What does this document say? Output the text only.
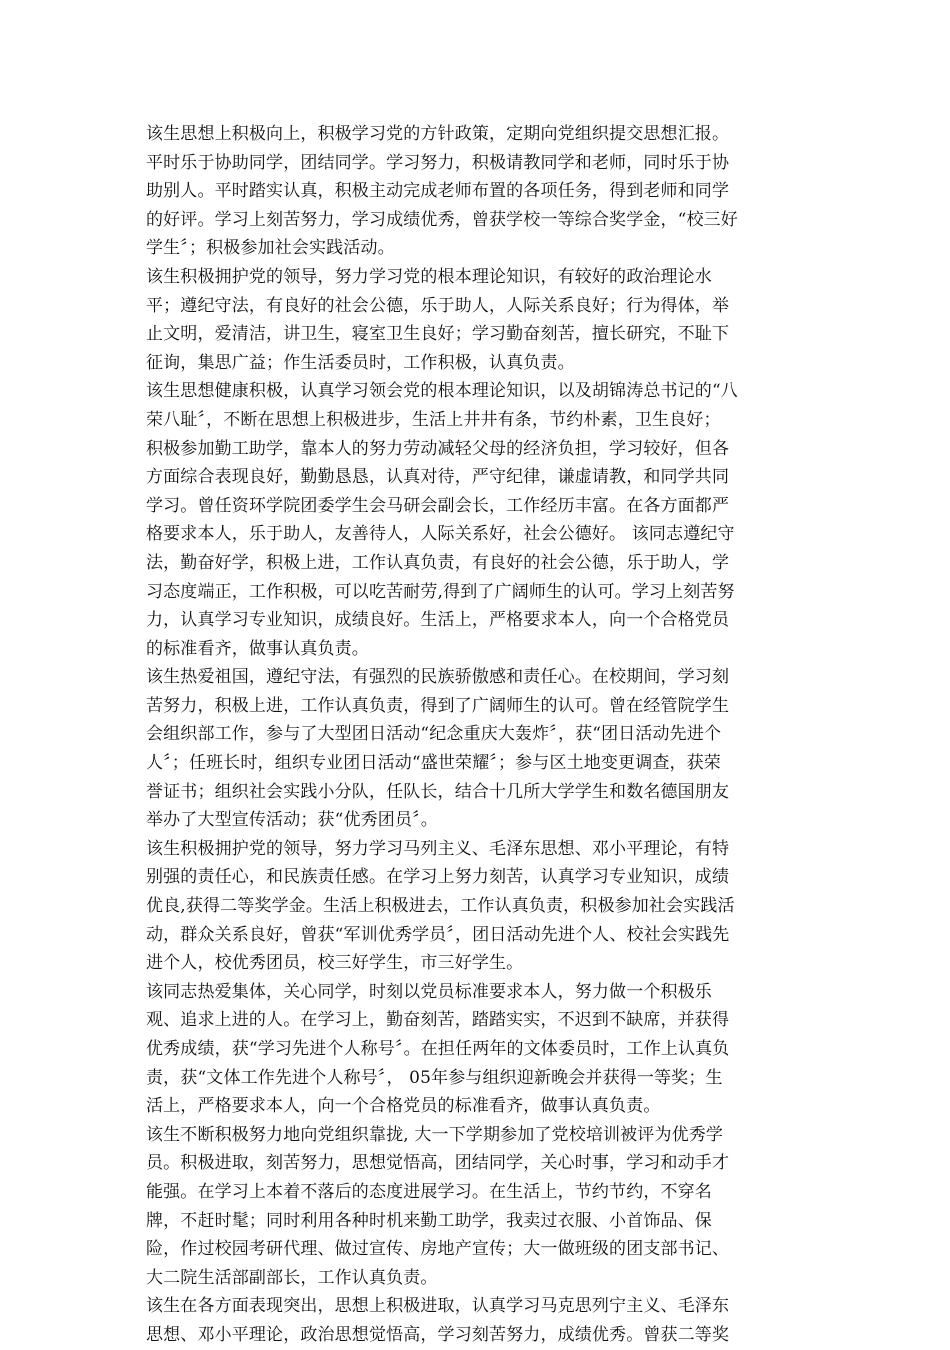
该生思想上积极向上，积极学习党的方针政策，定期向党组织提交思想汇报。
平时乐于协助同学，团结同学。学习努力，积极请教同学和老师，同时乐于协
助别人。平时踏实认真，积极主动完成老师布置的各项任务，得到老师和同学
的好评。学习上刻苦努力，学习成绩优秀，曾获学校一等综合奖学金，“校三好
学生〞；积极参加社会实践活动。

该生积极拥护党的领导，努力学习党的根本理论知识，有较好的政治理论水
平；遵纪守法，有良好的社会公德，乐于助人，人际关系良好；行为得体，举
止文明，爱清洁，讲卫生，寝室卫生良好；学习勤奋刻苦，擅长研究，不耻下
征询，集思广益；作生活委员时，工作积极，认真负责。

该生思想健康积极，认真学习领会党的根本理论知识，以及胡锦涛总书记的“八
荣八耻〞，不断在思想上积极进步，生活上井井有条，节约朴素，卫生良好；
积极参加勤工助学，靠本人的努力劳动减轻父母的经济负担，学习较好，但各
方面综合表现良好，勤勤恳恳，认真对待，严守纪律，谦虚请教，和同学共同
学习。曾任资环学院团委学生会马研会副会长，工作经历丰富。在各方面都严
格要求本人，乐于助人，友善待人，人际关系好，社会公德好。 该同志遵纪守
法，勤奋好学，积极上进，工作认真负责，有良好的社会公德，乐于助人，学
习态度端正，工作积极，可以吃苦耐劳,得到了广阔师生的认可。学习上刻苦努
力，认真学习专业知识，成绩良好。生活上，严格要求本人，向一个合格党员
的标准看齐，做事认真负责。

该生热爱祖国，遵纪守法，有强烈的民族骄傲感和责任心。在校期间，学习刻
苦努力，积极上进，工作认真负责，得到了广阔师生的认可。曾在经管院学生
会组织部工作，参与了大型团日活动“纪念重庆大轰炸〞，获“团日活动先进个
人〞；任班长时，组织专业团日活动“盛世荣耀〞；参与区土地变更调查，获荣
誉证书；组织社会实践小分队，任队长，结合十几所大学学生和数名德国朋友
举办了大型宣传活动；获“优秀团员〞。

该生积极拥护党的领导，努力学习马列主义、毛泽东思想、邓小平理论，有特
别强的责任心，和民族责任感。在学习上努力刻苦，认真学习专业知识，成绩
优良,获得二等奖学金。生活上积极进去，工作认真负责，积极参加社会实践活
动，群众关系良好，曾获“军训优秀学员〞，团日活动先进个人、校社会实践先
进个人，校优秀团员，校三好学生，市三好学生。

该同志热爱集体，关心同学，时刻以党员标准要求本人，努力做一个积极乐
观、追求上进的人。在学习上，勤奋刻苦，踏踏实实，不迟到不缺席，并获得
优秀成绩，获“学习先进个人称号〞。在担任两年的文体委员时，工作上认真负
责，获“文体工作先进个人称号〞， 05年参与组织迎新晚会并获得一等奖；生
活上，严格要求本人，向一个合格党员的标准看齐，做事认真负责。

该生不断积极努力地向党组织靠拢, 大一下学期参加了党校培训被评为优秀学
员。积极进取，刻苦努力，思想觉悟高，团结同学，关心时事，学习和动手才
能强。在学习上本着不落后的态度进展学习。在生活上，节约节约，不穿名
牌，不赶时髦；同时利用各种时机来勤工助学，我卖过衣服、小首饰品、保
险，作过校园考研代理、做过宣传、房地产宣传；大一做班级的团支部书记、
大二院生活部副部长，工作认真负责。

该生在各方面表现突出，思想上积极进取，认真学习马克思列宁主义、毛泽东
思想、邓小平理论，政治思想觉悟高，学习刻苦努力，成绩优秀。曾获二等奖
